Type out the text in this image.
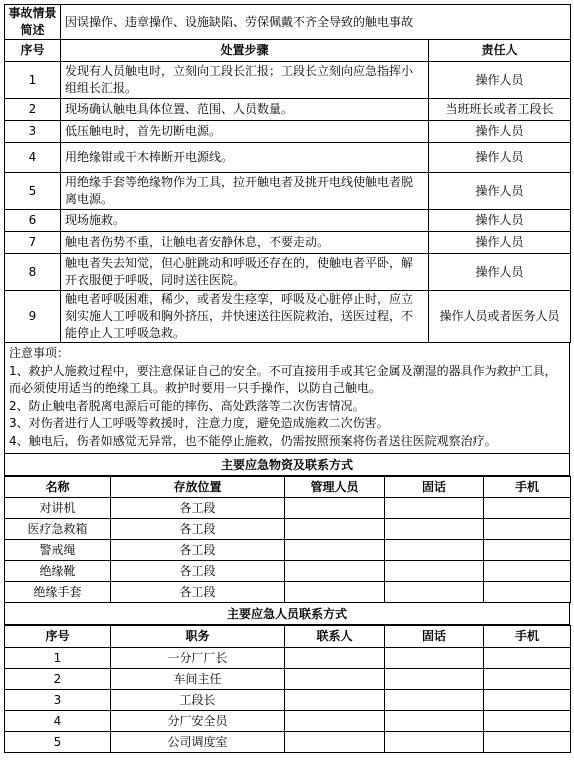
事故情景简述	因误操作、违章操作、设施缺陷、劳保佩戴不齐全导致的触电事故	
序号	处置步骤	责任人
1	发现有人员触电时，立刻向工段长汇报；工段长立刻向应急指挥小组组长汇报。	操作人员
2	现场确认触电具体位置、范围、人员数量。	当班班长或者工段长
3	低压触电时，首先切断电源。	操作人员
4	用绝缘钳或干木棒断开电源线。	操作人员
5	用绝缘手套等绝缘物作为工具，拉开触电者及挑开电线使触电者脱离电源。	操作人员
6	现场施救。	操作人员
7	触电者伤势不重，让触电者安静休息，不要走动。	操作人员
8	触电者失去知觉，但心脏跳动和呼吸还存在的，使触电者平卧，解开衣服便于呼吸，同时送往医院。	操作人员
9	触电者呼吸困难，稀少，或者发生痉挛，呼吸及心脏停止时，应立刻实施人工呼吸和胸外挤压，并快速送往医院救治，送医过程，不能停止人工呼吸急救。	操作人员或者医务人员

注意事项：

1、救护人施救过程中，要注意保证自己的安全。不可直接用手或其它金属及潮湿的器具作为救护工具，而必须使用适当的绝缘工具。救护时要用一只手操作，以防自己触电。

2、防止触电者脱离电源后可能的摔伤、高处跌落等二次伤害情况。

3、对伤者进行人工呼吸等救援时，注意力度，避免造成施救二次伤害。

4、触电后，伤者如感觉无异常，也不能停止施救，仍需按照预案将伤者送往医院观察治疗。

主要应急物资及联系方式
名称	存放位置	管理人员	固话	手机
对讲机	各工段			
医疗急救箱	各工段			
警戒绳	各工段			
绝缘靴	各工段			
绝缘手套	各工段			
主要应急人员联系方式
序号	职务	联系人	固话	手机
1	一分厂厂长			
2	车间主任			
3	工段长			
4	分厂安全员			
5	公司调度室			
